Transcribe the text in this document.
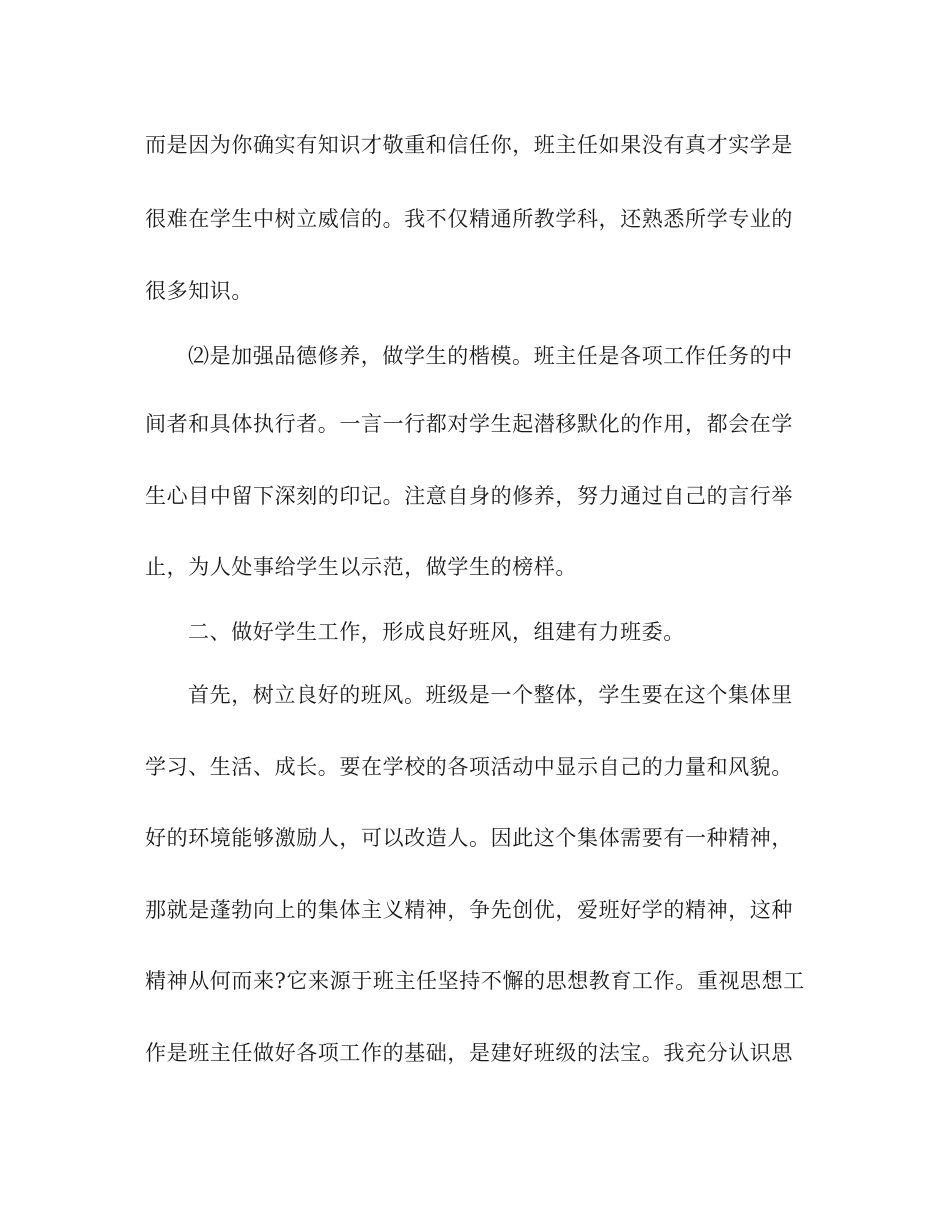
而是因为你确实有知识才敬重和信任你，班主任如果没有真才实学是

很难在学生中树立威信的。我不仅精通所教学科，还熟悉所学专业的

很多知识。

⑵是加强品德修养，做学生的楷模。班主任是各项工作任务的中

间者和具体执行者。一言一行都对学生起潜移默化的作用，都会在学

生心目中留下深刻的印记。注意自身的修养，努力通过自己的言行举

止，为人处事给学生以示范，做学生的榜样。

二、做好学生工作，形成良好班风，组建有力班委。

首先，树立良好的班风。班级是一个整体，学生要在这个集体里

学习、生活、成长。要在学校的各项活动中显示自己的力量和风貌。

好的环境能够激励人，可以改造人。因此这个集体需要有一种精神，

那就是蓬勃向上的集体主义精神，争先创优，爱班好学的精神，这种

精神从何而来?它来源于班主任坚持不懈的思想教育工作。重视思想工

作是班主任做好各项工作的基础，是建好班级的法宝。我充分认识思
